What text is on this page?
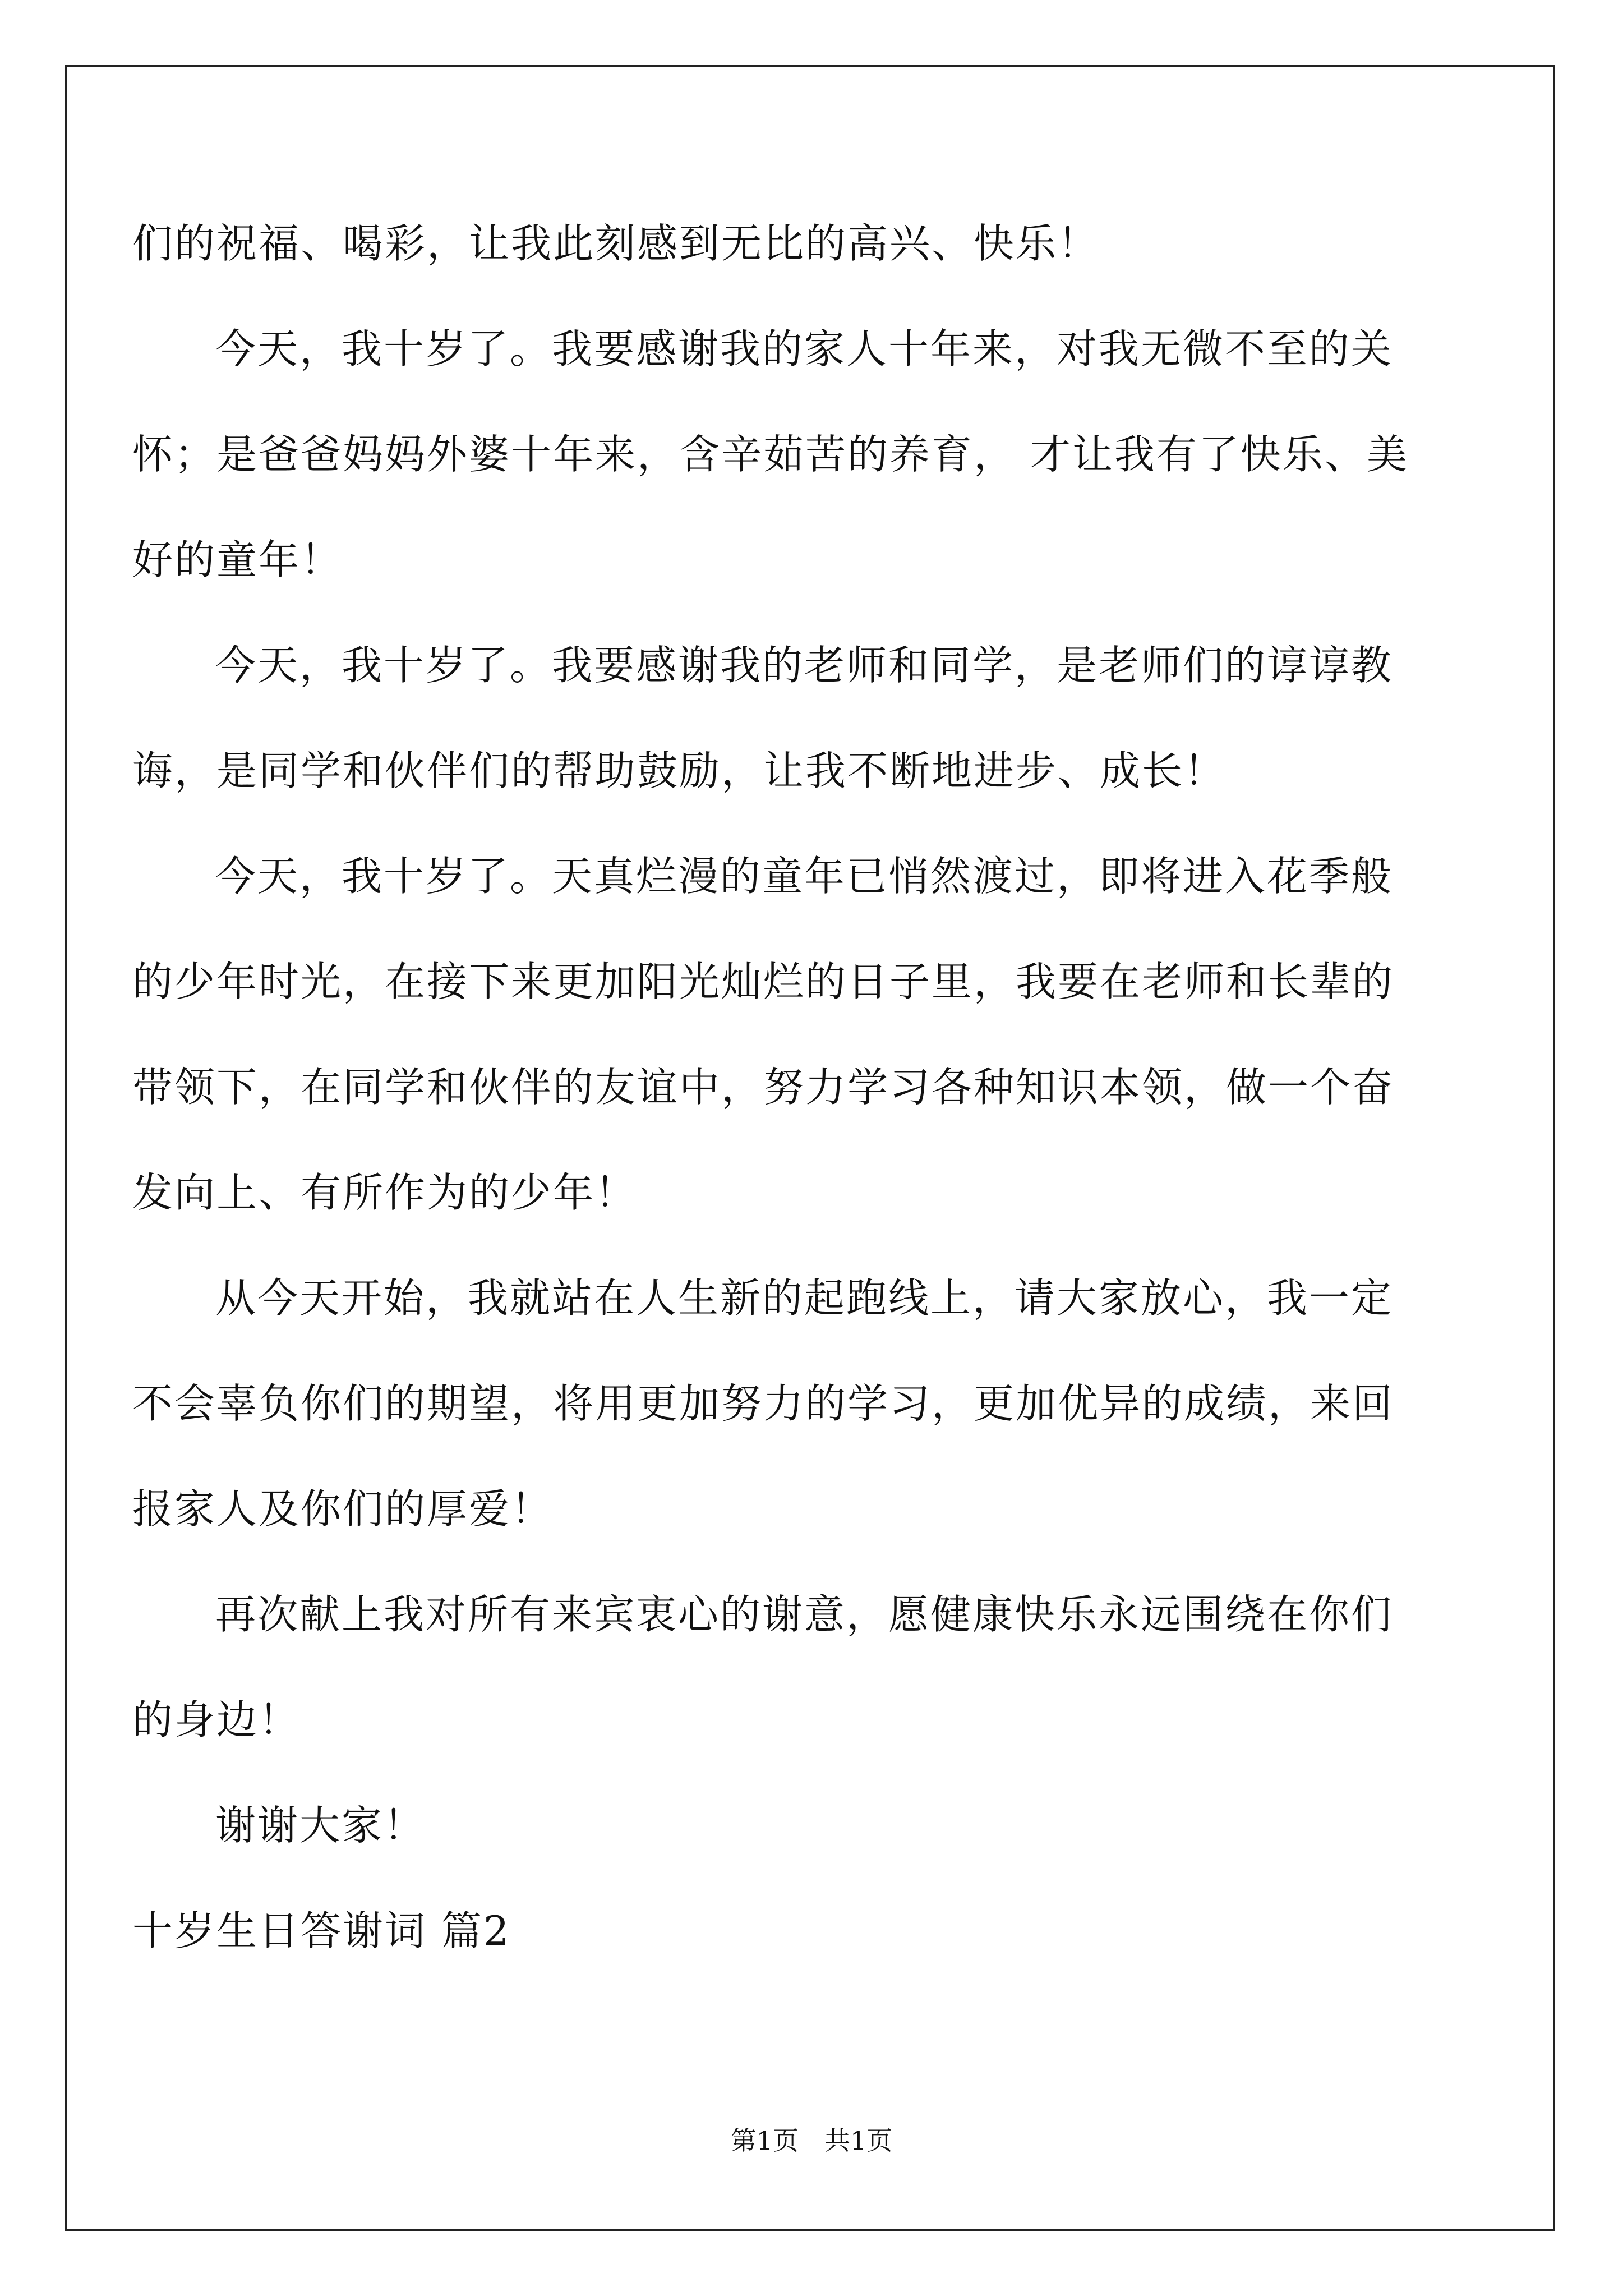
们的祝福、喝彩，让我此刻感到无比的高兴、快乐！
今天，我十岁了。我要感谢我的家人十年来，对我无微不至的关
怀；是爸爸妈妈外婆十年来，含辛茹苦的养育， 才让我有了快乐、美
好的童年！
今天，我十岁了。我要感谢我的老师和同学，是老师们的谆谆教
诲，是同学和伙伴们的帮助鼓励，让我不断地进步、成长！
今天，我十岁了。天真烂漫的童年已悄然渡过，即将进入花季般
的少年时光，在接下来更加阳光灿烂的日子里，我要在老师和长辈的
带领下，在同学和伙伴的友谊中，努力学习各种知识本领，做一个奋
发向上、有所作为的少年！
从今天开始，我就站在人生新的起跑线上，请大家放心，我一定
不会辜负你们的期望，将用更加努力的学习，更加优异的成绩，来回
报家人及你们的厚爱！
再次献上我对所有来宾衷心的谢意，愿健康快乐永远围绕在你们
的身边！
谢谢大家！
十岁生日答谢词 篇2
第1页 共1页
